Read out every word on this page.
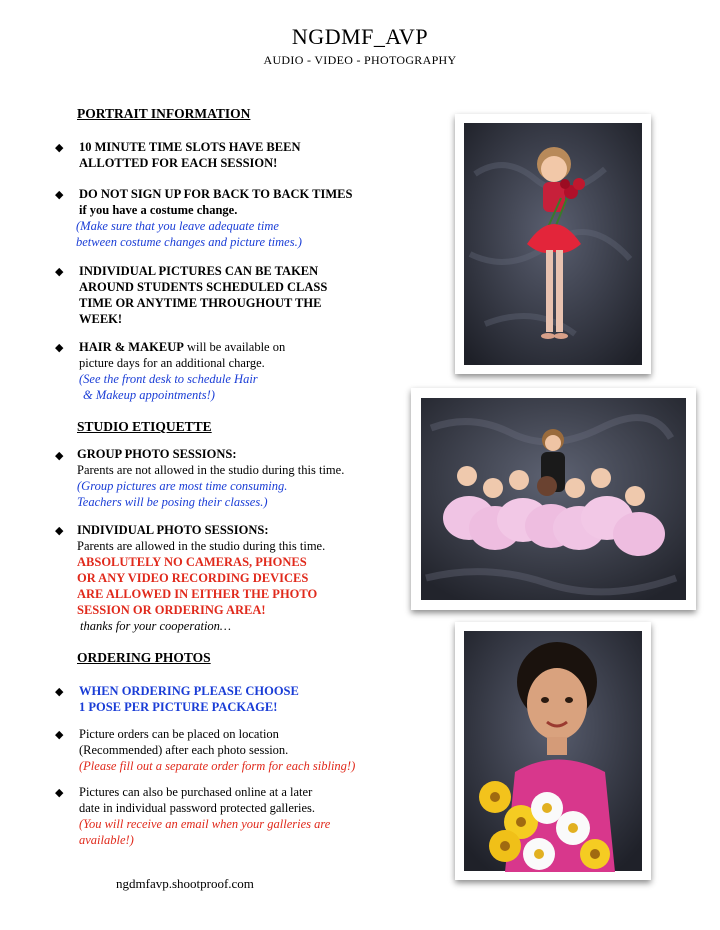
NGDMF_AVP
AUDIO - VIDEO - PHOTOGRAPHY
PORTRAIT INFORMATION
◆	10 MINUTE TIME SLOTS HAVE BEEN
ALLOTTED FOR EACH SESSION!
◆	DO NOT SIGN UP FOR BACK TO BACK TIMES
if you have a costume change.
(Make sure that you leave adequate time
between costume changes and picture times.)
◆	INDIVIDUAL PICTURES CAN BE TAKEN
AROUND STUDENTS SCHEDULED CLASS
TIME OR ANYTIME THROUGHOUT THE
WEEK!
◆	HAIR & MAKEUP will be available on
picture days for an additional charge.
(See the front desk to schedule Hair
& Makeup appointments!)
STUDIO ETIQUETTE
◆	GROUP PHOTO SESSIONS:
Parents are not allowed in the studio during this time.
(Group pictures are most time consuming.
Teachers will be posing their classes.)
◆	INDIVIDUAL PHOTO SESSIONS:
Parents are allowed in the studio during this time.
ABSOLUTELY NO CAMERAS, PHONES
OR ANY VIDEO RECORDING DEVICES
ARE ALLOWED IN EITHER THE PHOTO
SESSION OR ORDERING AREA!
thanks for your cooperation…
ORDERING PHOTOS
◆	WHEN ORDERING PLEASE CHOOSE
1 POSE PER PICTURE PACKAGE!
◆	Picture orders can be placed on location
(Recommended) after each photo session.
(Please fill out a separate order form for each sibling!)
◆	Pictures can also be purchased online at a later
date in individual password protected galleries.
(You will receive an email when your galleries are
available!)
ngdmfavp.shootproof.com
